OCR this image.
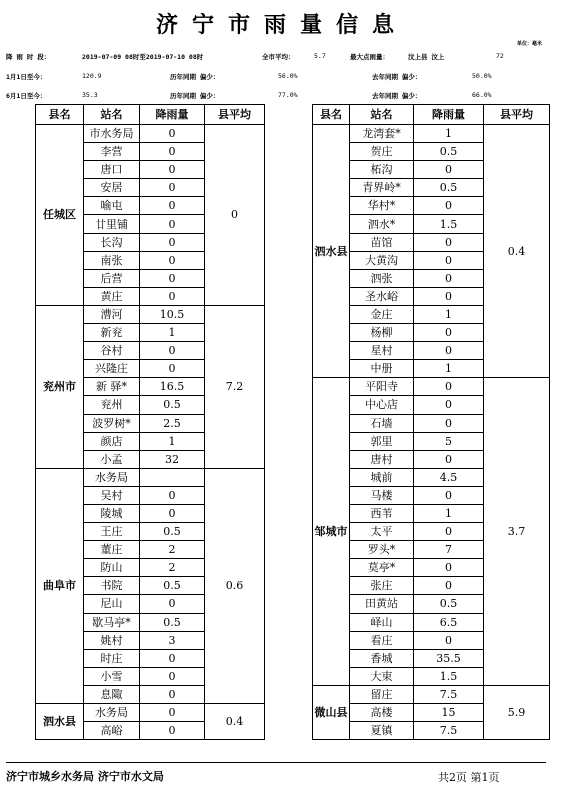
济宁市雨量信息
单位：毫米
降 雨 时 段：	2019-07-09 08时至2019-07-10 08时	全市平均：	5.7	最大点雨量：	汶上县 汶上	72
1月1日至今：	120.9	历年同期 偏少：	56.0%	去年同期 偏少：	50.0%
6月1日至今：	35.3	历年同期 偏少：	77.0%	去年同期 偏少：	66.0%
县名	站名	降雨量	县平均
任城区	市水务局	0	0
	李营	0	
	唐口	0	
	安居	0	
	喻屯	0	
	廿里铺	0	
	长沟	0	
	南张	0	
	后营	0	
	黄庄	0	
兖州市	漕河	10.5	7.2
	新兖	1	
	谷村	0	
	兴隆庄	0	
	新 驿*	16.5	
	兖州	0.5	
	波罗树*	2.5	
	颜店	1	
	小孟	32	
曲阜市	水务局		0.6
	吴村	0	
	陵城	0	
	王庄	0.5	
	董庄	2	
	防山	2	
	书院	0.5	
	尼山	0	
	歇马亭*	0.5	
	姚村	3	
	时庄	0	
	小雪	0	
	息陬	0	
泗水县	水务局	0	0.4
	高峪	0	
县名	站名	降雨量	县平均
泗水县	龙湾套*	1	0.4
	贺庄	0.5	
	柘沟	0	
	青界岭*	0.5	
	华村*	0	
	泗水*	1.5	
	苗馆	0	
	大黄沟	0	
	泗张	0	
	圣水峪	0	
	金庄	1	
	杨柳	0	
	星村	0	
	中册	1	
邹城市	平阳寺	0	3.7
	中心店	0	
	石墙	0	
	郭里	5	
	唐村	0	
	城前	4.5	
	马楼	0	
	西苇	1	
	太平	0	
	罗头*	7	
	莫亭*	0	
	张庄	0	
	田黄站	0.5	
	峄山	6.5	
	看庄	0	
	香城	35.5	
	大束	1.5	
微山县	留庄	7.5	5.9
	高楼	15	
	夏镇	7.5	
济宁市城乡水务局 济宁市水文局	共2页 第1页
